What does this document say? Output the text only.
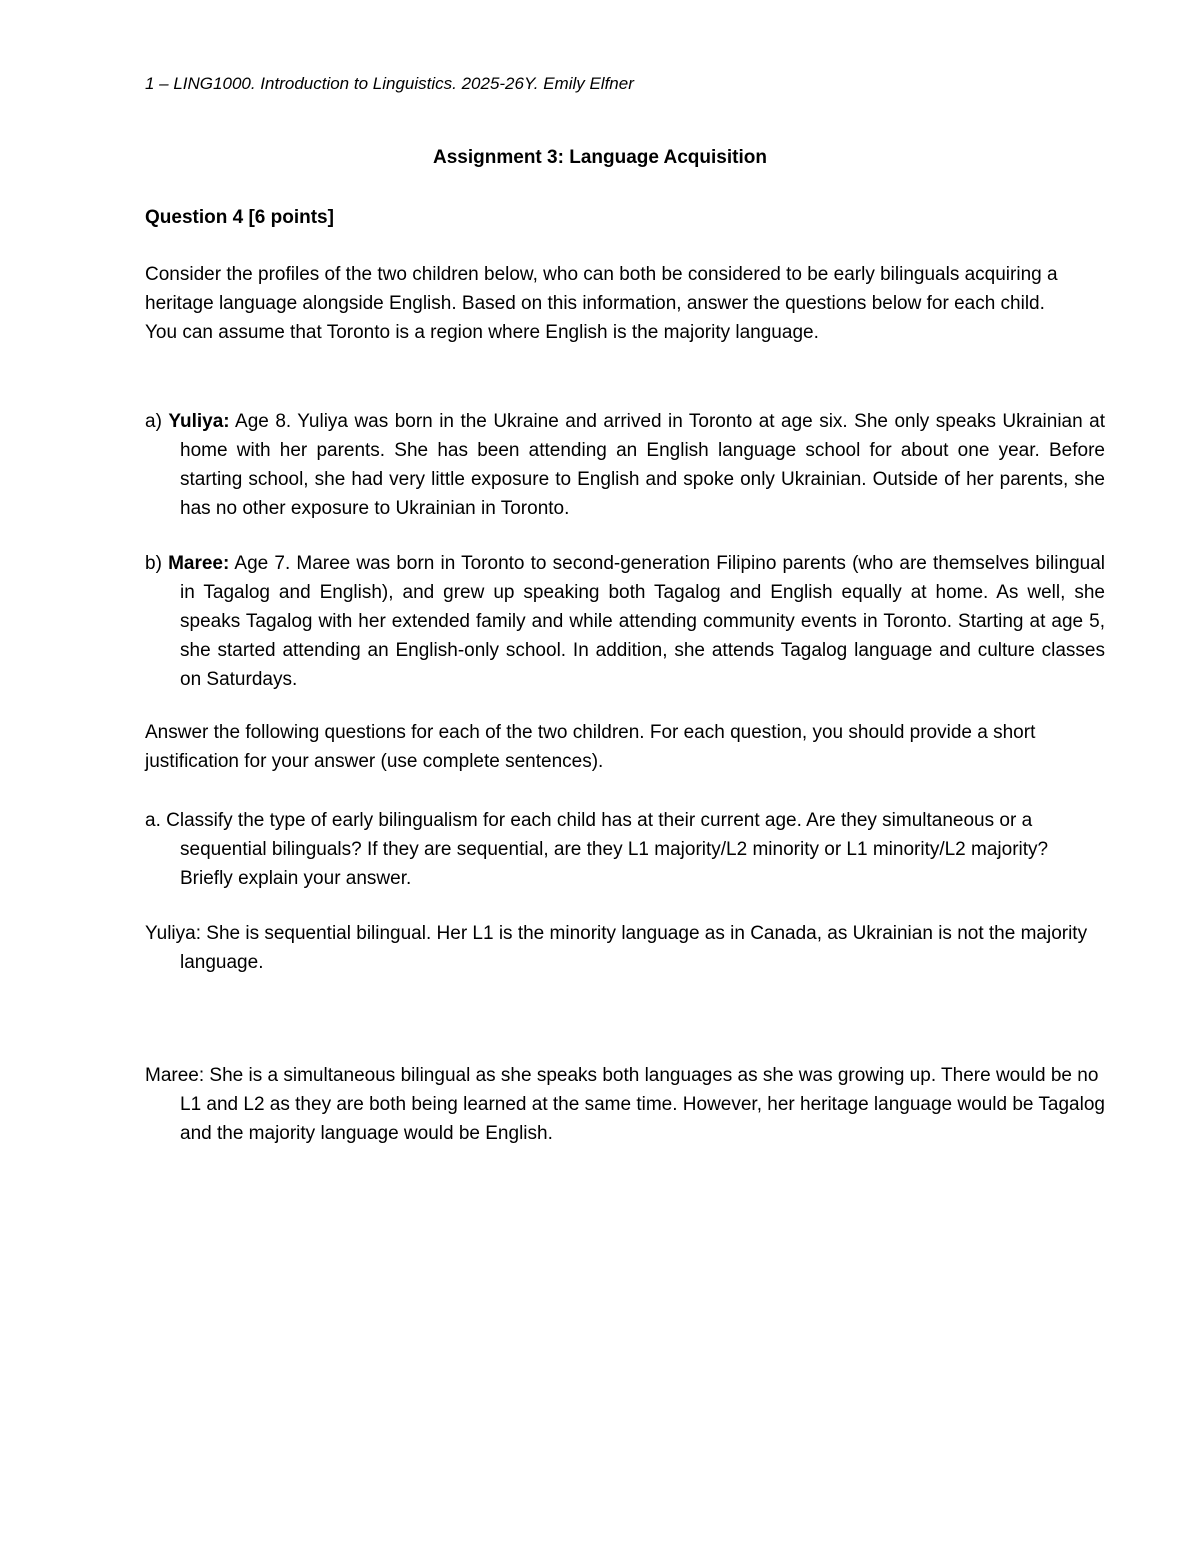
1 – LING1000. Introduction to Linguistics. 2025-26Y. Emily Elfner
Assignment 3: Language Acquisition
Question 4 [6 points]
Consider the profiles of the two children below, who can both be considered to be early bilinguals acquiring a heritage language alongside English. Based on this information, answer the questions below for each child. You can assume that Toronto is a region where English is the majority language.
a) Yuliya: Age 8. Yuliya was born in the Ukraine and arrived in Toronto at age six. She only speaks Ukrainian at home with her parents. She has been attending an English language school for about one year. Before starting school, she had very little exposure to English and spoke only Ukrainian. Outside of her parents, she has no other exposure to Ukrainian in Toronto.
b) Maree: Age 7. Maree was born in Toronto to second-generation Filipino parents (who are themselves bilingual in Tagalog and English), and grew up speaking both Tagalog and English equally at home. As well, she speaks Tagalog with her extended family and while attending community events in Toronto. Starting at age 5, she started attending an English-only school. In addition, she attends Tagalog language and culture classes on Saturdays.
Answer the following questions for each of the two children. For each question, you should provide a short justification for your answer (use complete sentences).
a. Classify the type of early bilingualism for each child has at their current age. Are they simultaneous or a sequential bilinguals? If they are sequential, are they L1 majority/L2 minority or L1 minority/L2 majority? Briefly explain your answer.
Yuliya: She is sequential bilingual. Her L1 is the minority language as in Canada, as Ukrainian is not the majority language.
Maree: She is a simultaneous bilingual as she speaks both languages as she was growing up. There would be no L1 and L2 as they are both being learned at the same time. However, her heritage language would be Tagalog and the majority language would be English.
